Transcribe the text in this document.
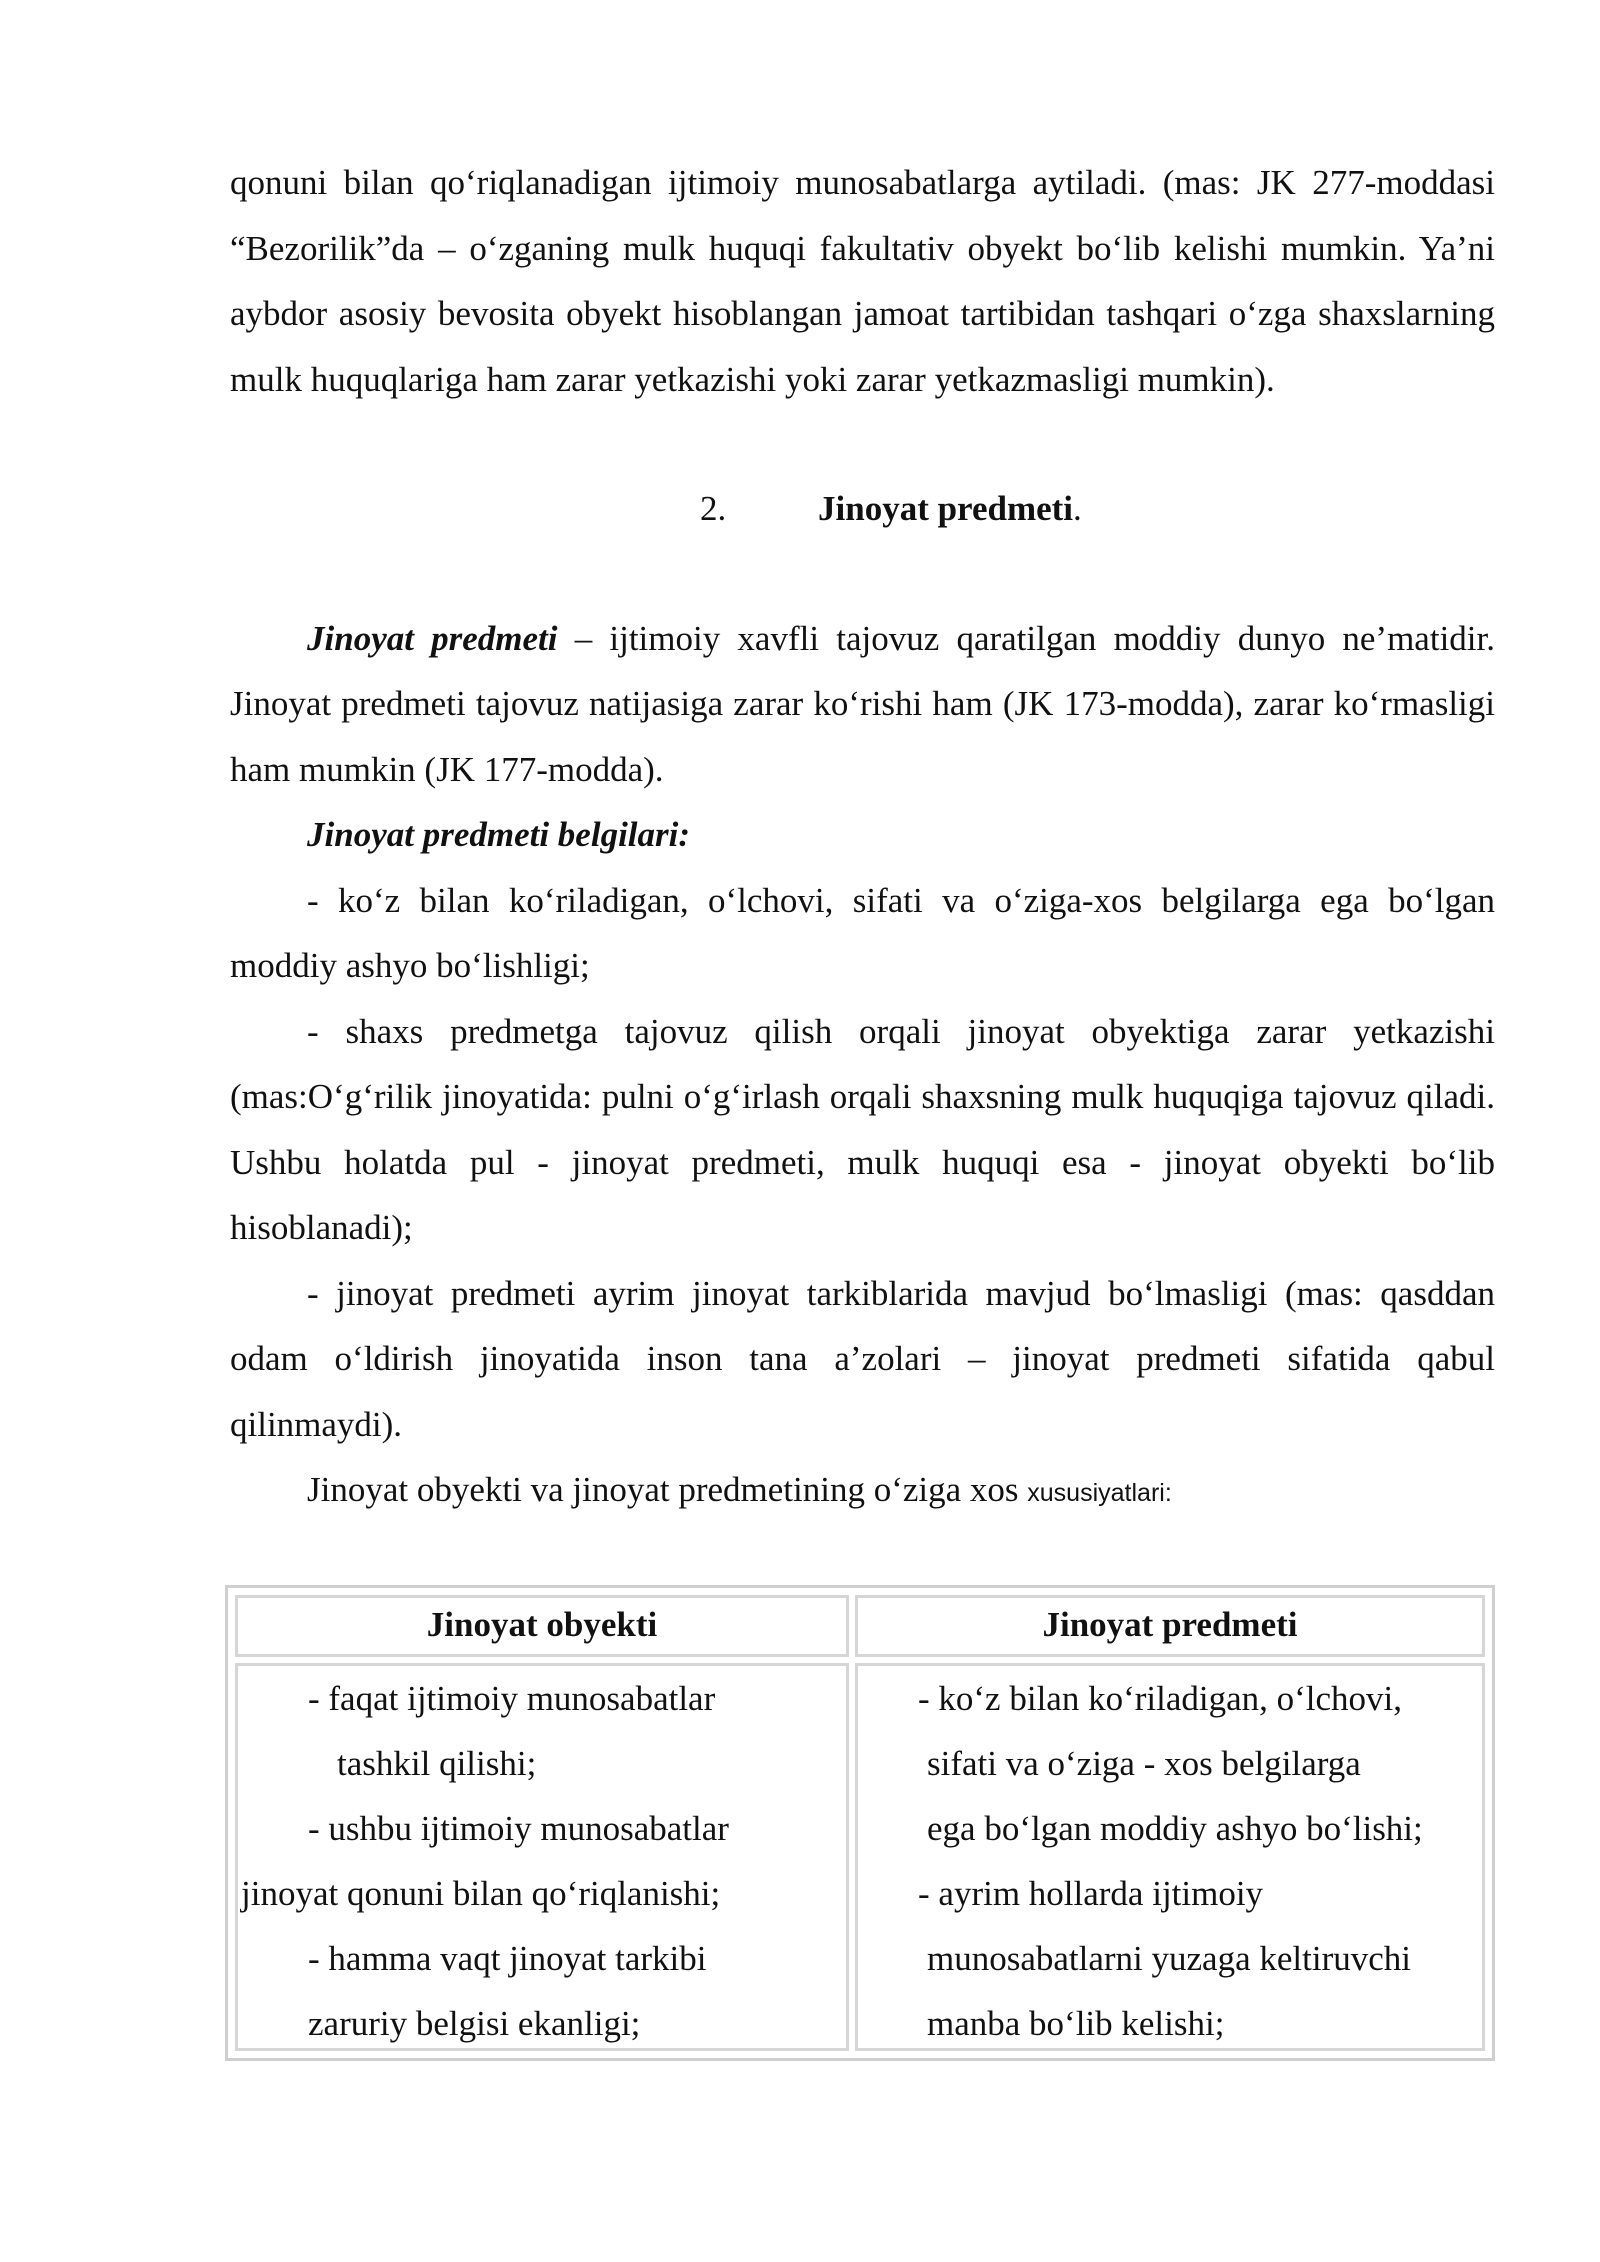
qonuni bilan qo‘riqlanadigan ijtimoiy munosabatlarga aytiladi. (mas: JK 277-moddasi “Bezorilik”da – o‘zganing mulk huquqi fakultativ obyekt bo‘lib kelishi mumkin. Ya’ni aybdor asosiy bevosita obyekt hisoblangan jamoat tartibidan tashqari o‘zga shaxslarning mulk huquqlariga ham zarar yetkazishi yoki zarar yetkazmasligi mumkin).

2.	Jinoyat predmeti.

Jinoyat predmeti – ijtimoiy xavfli tajovuz qaratilgan moddiy dunyo ne’matidir. Jinoyat predmeti tajovuz natijasiga zarar ko‘rishi ham (JK 173-modda), zarar ko‘rmasligi ham mumkin (JK 177-modda).

Jinoyat predmeti belgilari:

- ko‘z bilan ko‘riladigan, o‘lchovi, sifati va o‘ziga-xos belgilarga ega bo‘lgan moddiy ashyo bo‘lishligi;

- shaxs predmetga tajovuz qilish orqali jinoyat obyektiga zarar yetkazishi (mas:O‘g‘rilik jinoyatida: pulni o‘g‘irlash orqali shaxsning mulk huquqiga tajovuz qiladi. Ushbu holatda pul - jinoyat predmeti, mulk huquqi esa - jinoyat obyekti bo‘lib hisoblanadi);

- jinoyat predmeti ayrim jinoyat tarkiblarida mavjud bo‘lmasligi (mas: qasddan odam o‘ldirish jinoyatida inson tana a’zolari – jinoyat predmeti sifatida qabul qilinmaydi).

Jinoyat obyekti va jinoyat predmetining o‘ziga xos xususiyatlari:

Jinoyat obyekti	Jinoyat predmeti
- faqat ijtimoiy munosabatlar
tashkil qilishi;
- ushbu ijtimoiy munosabatlar
jinoyat qonuni bilan qo‘riqlanishi;
- hamma vaqt jinoyat tarkibi
zaruriy belgisi ekanligi;
- ko‘z bilan ko‘riladigan, o‘lchovi,
sifati va o‘ziga - xos belgilarga
ega bo‘lgan moddiy ashyo bo‘lishi;
- ayrim hollarda ijtimoiy
munosabatlarni yuzaga keltiruvchi
manba bo‘lib kelishi;
